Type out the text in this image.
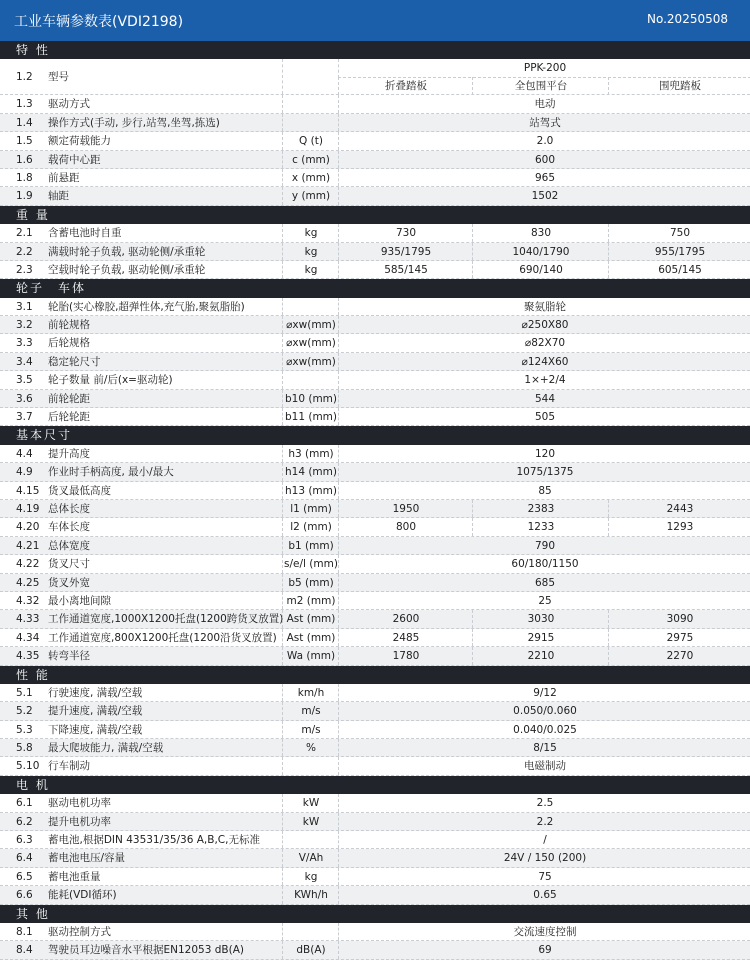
工业车辆参数表(VDI2198)	No.20250508
特 性
1.2 型号
PPK-200
折叠踏板	全包围平台	围兜踏板
1.3 驱动方式	电动
1.4 操作方式(手动, 步行,站驾,坐驾,拣选)	站驾式
1.5 额定荷载能力	Q (t)	2.0
1.6 载荷中心距	c (mm)	600
1.8 前悬距	x (mm)	965
1.9 轴距	y (mm)	1502
重 量
2.1 含蓄电池时自重	kg	730	830	750
2.2 满载时轮子负载, 驱动轮侧/承重轮	kg	935/1795	1040/1790	955/1795
2.3 空载时轮子负载, 驱动轮侧/承重轮	kg	585/145	690/140	605/145
轮子　车体
3.1 轮胎(实心橡胶,超弹性体,充气胎,聚氨脂胎)	聚氨脂轮
3.2 前轮规格	⌀xw(mm)	⌀250X80
3.3 后轮规格	⌀xw(mm)	⌀82X70
3.4 稳定轮尺寸	⌀xw(mm)	⌀124X60
3.5 轮子数量 前/后(x=驱动轮)	1×+2/4
3.6 前轮轮距	b10 (mm)	544
3.7 后轮轮距	b11 (mm)	505
基本尺寸
4.4 提升高度	h3 (mm)	120
4.9 作业时手柄高度, 最小/最大	h14 (mm)	1075/1375
4.15 货叉最低高度	h13 (mm)	85
4.19 总体长度	l1 (mm)	1950	2383	2443
4.20 车体长度	l2 (mm)	800	1233	1293
4.21 总体宽度	b1 (mm)	790
4.22 货叉尺寸	s/e/l (mm)	60/180/1150
4.25 货叉外宽	b5 (mm)	685
4.32 最小离地间隙	m2 (mm)	25
4.33 工作通道宽度,1000X1200托盘(1200跨货叉放置) Ast (mm)	2600	3030	3090
4.34 工作通道宽度,800X1200托盘(1200沿货叉放置) Ast (mm)	2485	2915	2975
4.35 转弯半径	Wa (mm)	1780	2210	2270
性 能
5.1 行驶速度, 满载/空载	km/h	9/12
5.2 提升速度, 满载/空载	m/s	0.050/0.060
5.3 下降速度, 满载/空载	m/s	0.040/0.025
5.8 最大爬坡能力, 满载/空载	%	8/15
5.10 行车制动	电磁制动
电 机
6.1 驱动电机功率	kW	2.5
6.2 提升电机功率	kW	2.2
6.3 蓄电池,根据DIN 43531/35/36 A,B,C,无标准	/
6.4 蓄电池电压/容量	V/Ah	24V / 150 (200)
6.5 蓄电池重量	kg	75
6.6 能耗(VDI循环)	KWh/h	0.65
其 他
8.1 驱动控制方式	交流速度控制
8.4 驾驶员耳边噪音水平根据EN12053 dB(A)	dB(A)	69
